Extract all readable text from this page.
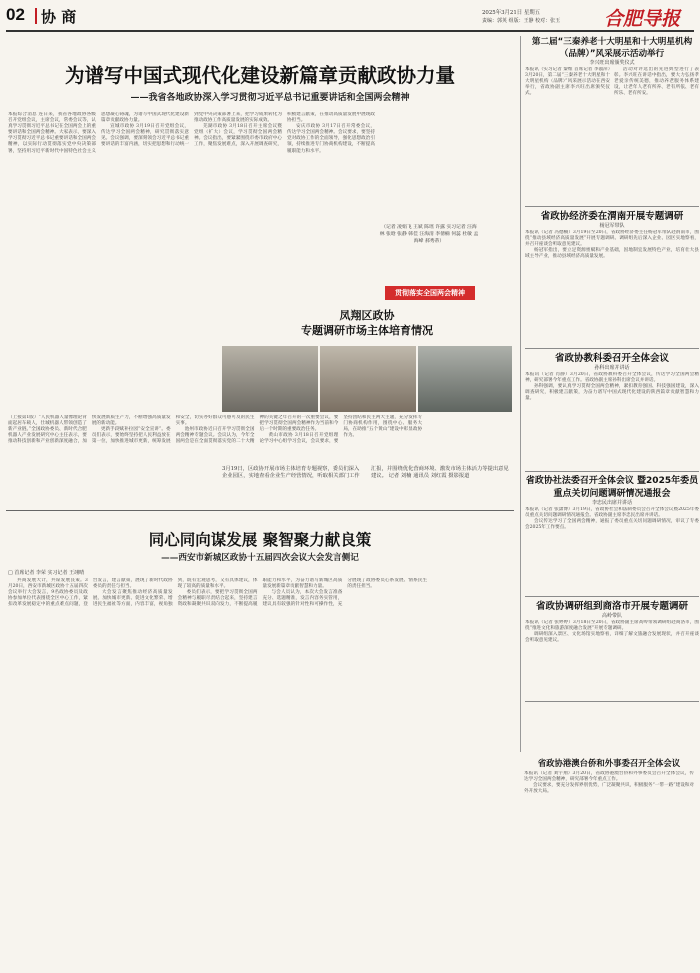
02 协 商	2025年3月21日 星期五
责编：郭英 组版：王静 校对：张玉 合肥导报
为谱写中国式现代化建设新篇章贡献政协力量
——我省各地政协深入学习贯彻习近平总书记重要讲话和全国两会精神

本报综合消息 连日来，我省各地政协各级召开党组会议，主席会议，常委会议等，认真学习贯彻习近平总书记在全国两会上的重要讲话和全国两会精神。大家表示，要深入学习贯彻习近平总书记重要讲话和全国两会精神，以实际行动贯彻落实党中央决策部署，坚持用习近平新时代中国特色社会主义思想凝心铸魂，为谱写中国式现代化建设新篇章贡献政协力量。

宣城市政协 3月19日召开党组会议，传达学习全国两会精神，研究贯彻落实意见。会议强调，要深刻领会习近平总书记重要讲话的丰富内涵，切实把思想和行动统一到党中央决策部署上来，把学习成果转化为推动政协工作高质量发展的实际成效。

芜湖市政协 3月18日召开主席会议暨党组（扩大）会议，学习贯彻全国两会精神。会议指出，要紧紧围绕市委市政府中心工作，聚焦发展难点，深入开展调查研究，积极建言献策，在推动高质量发展中展现政协担当。

安庆市政协 3月17日召开常委会议，传达学习全国两会精神。会议要求，要坚持党对政协工作的全面领导，强化思想政治引领，持续推进专门协商机构建设，不断提高履职能力和水平。

（记者 凌娟飞 王斌 陈瑶 许露 实习记者 汪海林 张晗 张静 韩佳 汪海清 李倩楠 何蕊 杜敏 孟海峰 郝秀蒂）
贯彻落实全国两会精神

（上接第1版）“人民机器人量像理论背面起居车载人，仕城机器人带领创造了新产业链。”全国政协委员、新时代合肥机器人产业发展研究中心主任表示，要推动科技创新和产业创新深度融合，加快发展新质生产力，不断增强高质量发展的新动能。

更新手段赋补拉园“安全宣讲”。委员们表示，要始终坚持把人民利益放在第一位，加快推进城市更新，统筹发展和安全，切实办好群众可感可及的民生实事。

池州市政协近日召开学习贯彻全国两会精神专题会议。会议认为，今年全国两会是在全面贯彻落实党的二十大精神的关键之年召开的一次重要会议，要把学习贯彻全国两会精神作为当前和今后一个时期的重要政治任务。

黄山市政协 3月18日召开党组理论学习中心组学习会议，会议要求，要坚持团结和民主两大主题，充分发挥专门协商机构作用，围绕中心、服务大局，在助推“五个黄山”建设中彰显政协作为。

凤翔区政协
专题调研市场主体培育情况
3月19日，区政协开展市场主体培育专题视察，委员们深入企业园区，实地查看企业生产经营情况，听取相关部门工作汇报，并围绕优化营商环境、激发市场主体活力等提出意见建议。 记者 刘楠 通讯员 刘红霞 摄影报道
第二届“三秦养老十大明星和十大明星机构（品牌）”风采展示活动举行
李兴旺出席颁奖仪式

本报讯（实习记者 秦维 首席记者 李淑萍）3月20日，第二届“三秦养老十大明星和十大明星机构（品牌）”风采展示活动在西安举行，省政协副主席李兴旺出席颁奖仪式。

活动对评选出的先进典型进行了表彰。李兴旺在讲话中指出，要大力弘扬孝老爱亲传统美德，推动养老服务体系建设，让老年人老有所养、老有所依、老有所乐、老有所安。

省政协经济委在渭南开展专题调研
杨冠军带队

本报讯（记者 冯德楠）3月19日至20日，省政协经济委主任杨冠军带队赴渭南市，围绕“推动县域经济高质量发展”开展专题调研。调研组先后深入企业、园区实地察看，并召开座谈会听取意见建议。

杨冠军指出，要立足资源禀赋和产业基础，因地制宜发展特色产业，培育壮大县域主导产业，推动县域经济高质量发展。

省政协教科委召开全体会议
孙科出席并讲话

本报讯（记者 肖静）3月20日，省政协教科委召开全体会议，传达学习全国两会精神，研究部署今年重点工作。省政协副主席孙科出席会议并讲话。

孙科强调，要认真学习贯彻全国两会精神，紧扣教育强国、科技强国建设，深入调查研究，积极建言献策，为奋力谱写中国式现代化建设的陕西篇章贡献智慧和力量。

省政协社法委召开全体会议 暨2025年委员重点关切问题调研情况通报会
李忠民出席并讲话

本报讯（记者 张潇博）3月19日，省政协社会和法制委员会召开全体会议暨2025年委员重点关切问题调研情况通报会。省政协副主席李忠民出席并讲话。

会议传达学习了全国两会精神，通报了委员重点关切问题调研情况，审议了专委会2025年工作要点。

省政协调研组到商洛市开展专题调研
高岭带队

本报讯（记者 张婷婷）3月18日至20日，省政协副主席高岭带领调研组赴商洛市，围绕“推进文化和旅游深度融合发展”开展专题调研。

调研组深入景区、文化场馆实地察看，详细了解文旅融合发展现状，并召开座谈会听取意见建议。

省政协港澳台侨和外事委召开全体会议

本报讯（记者 刘宇翔）3月20日，省政协港澳台侨和外事委员会召开全体会议，传达学习全国两会精神，研究部署今年重点工作。

会议要求，要充分发挥界别优势，广泛凝聚共识，积极服务“一带一路”建设和对外开放大局。

同心同向谋发展 聚智聚力献良策
——西安市新城区政协十五届四次会议大会发言侧记
□ 首席记者 李荣 实习记者 王翊晴

共商发展大计，共谋发展良策。3月20日，西安市新城区政协十五届四次会议举行大会发言，9名政协委员及政协参加单位代表围绕全区中心工作，紧扣改革发展稳定中的重点难点问题，登台发言，建言献策，展现了新时代政协委员的责任与担当。

大会发言聚焦推动经济高质量发展、加快城市更新、促进文化繁荣、增进民生福祉等方面，内容丰富，视角独到，既有宏观思考，又有具体建议，体现了较高的质量和水平。

委员们表示，要把学习贯彻全国两会精神与履职尽责结合起来，坚持建言资政和凝聚共识双向发力，不断提高履职能力和水平，为奋力谱写新城区高质量发展新篇章贡献智慧和力量。

与会人员认为，本次大会发言准备充分、选题精准，发言内容务实管用，建议具有较强的针对性和可操作性，充分展现了政协委员心系发展、情系民生的责任担当。
